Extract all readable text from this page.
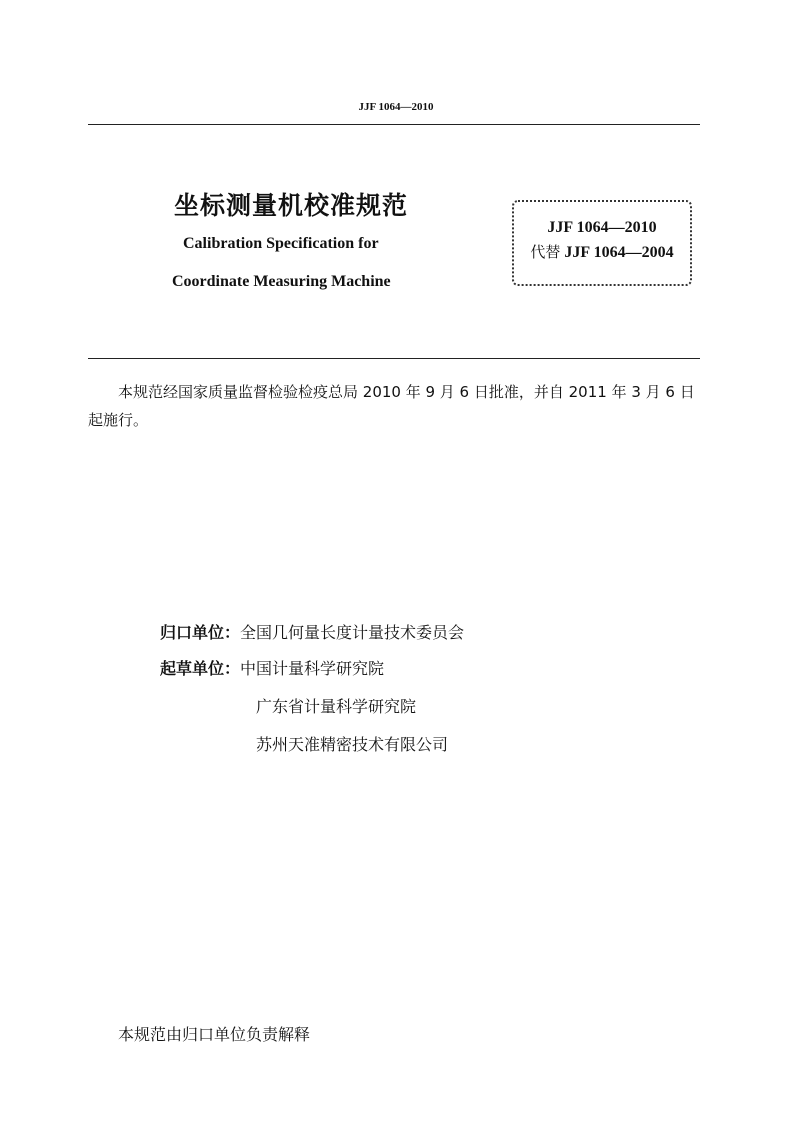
JJF 1064—2010
坐标测量机校准规范
Calibration Specification for
Coordinate Measuring Machine
JJF 1064—2010
代替 JJF 1064—2004
本规范经国家质量监督检验检疫总局 2010 年 9 月 6 日批准，并自 2011 年 3 月 6 日起施行。
归口单位：全国几何量长度计量技术委员会
起草单位：中国计量科学研究院
广东省计量科学研究院
苏州天准精密技术有限公司
本规范由归口单位负责解释
